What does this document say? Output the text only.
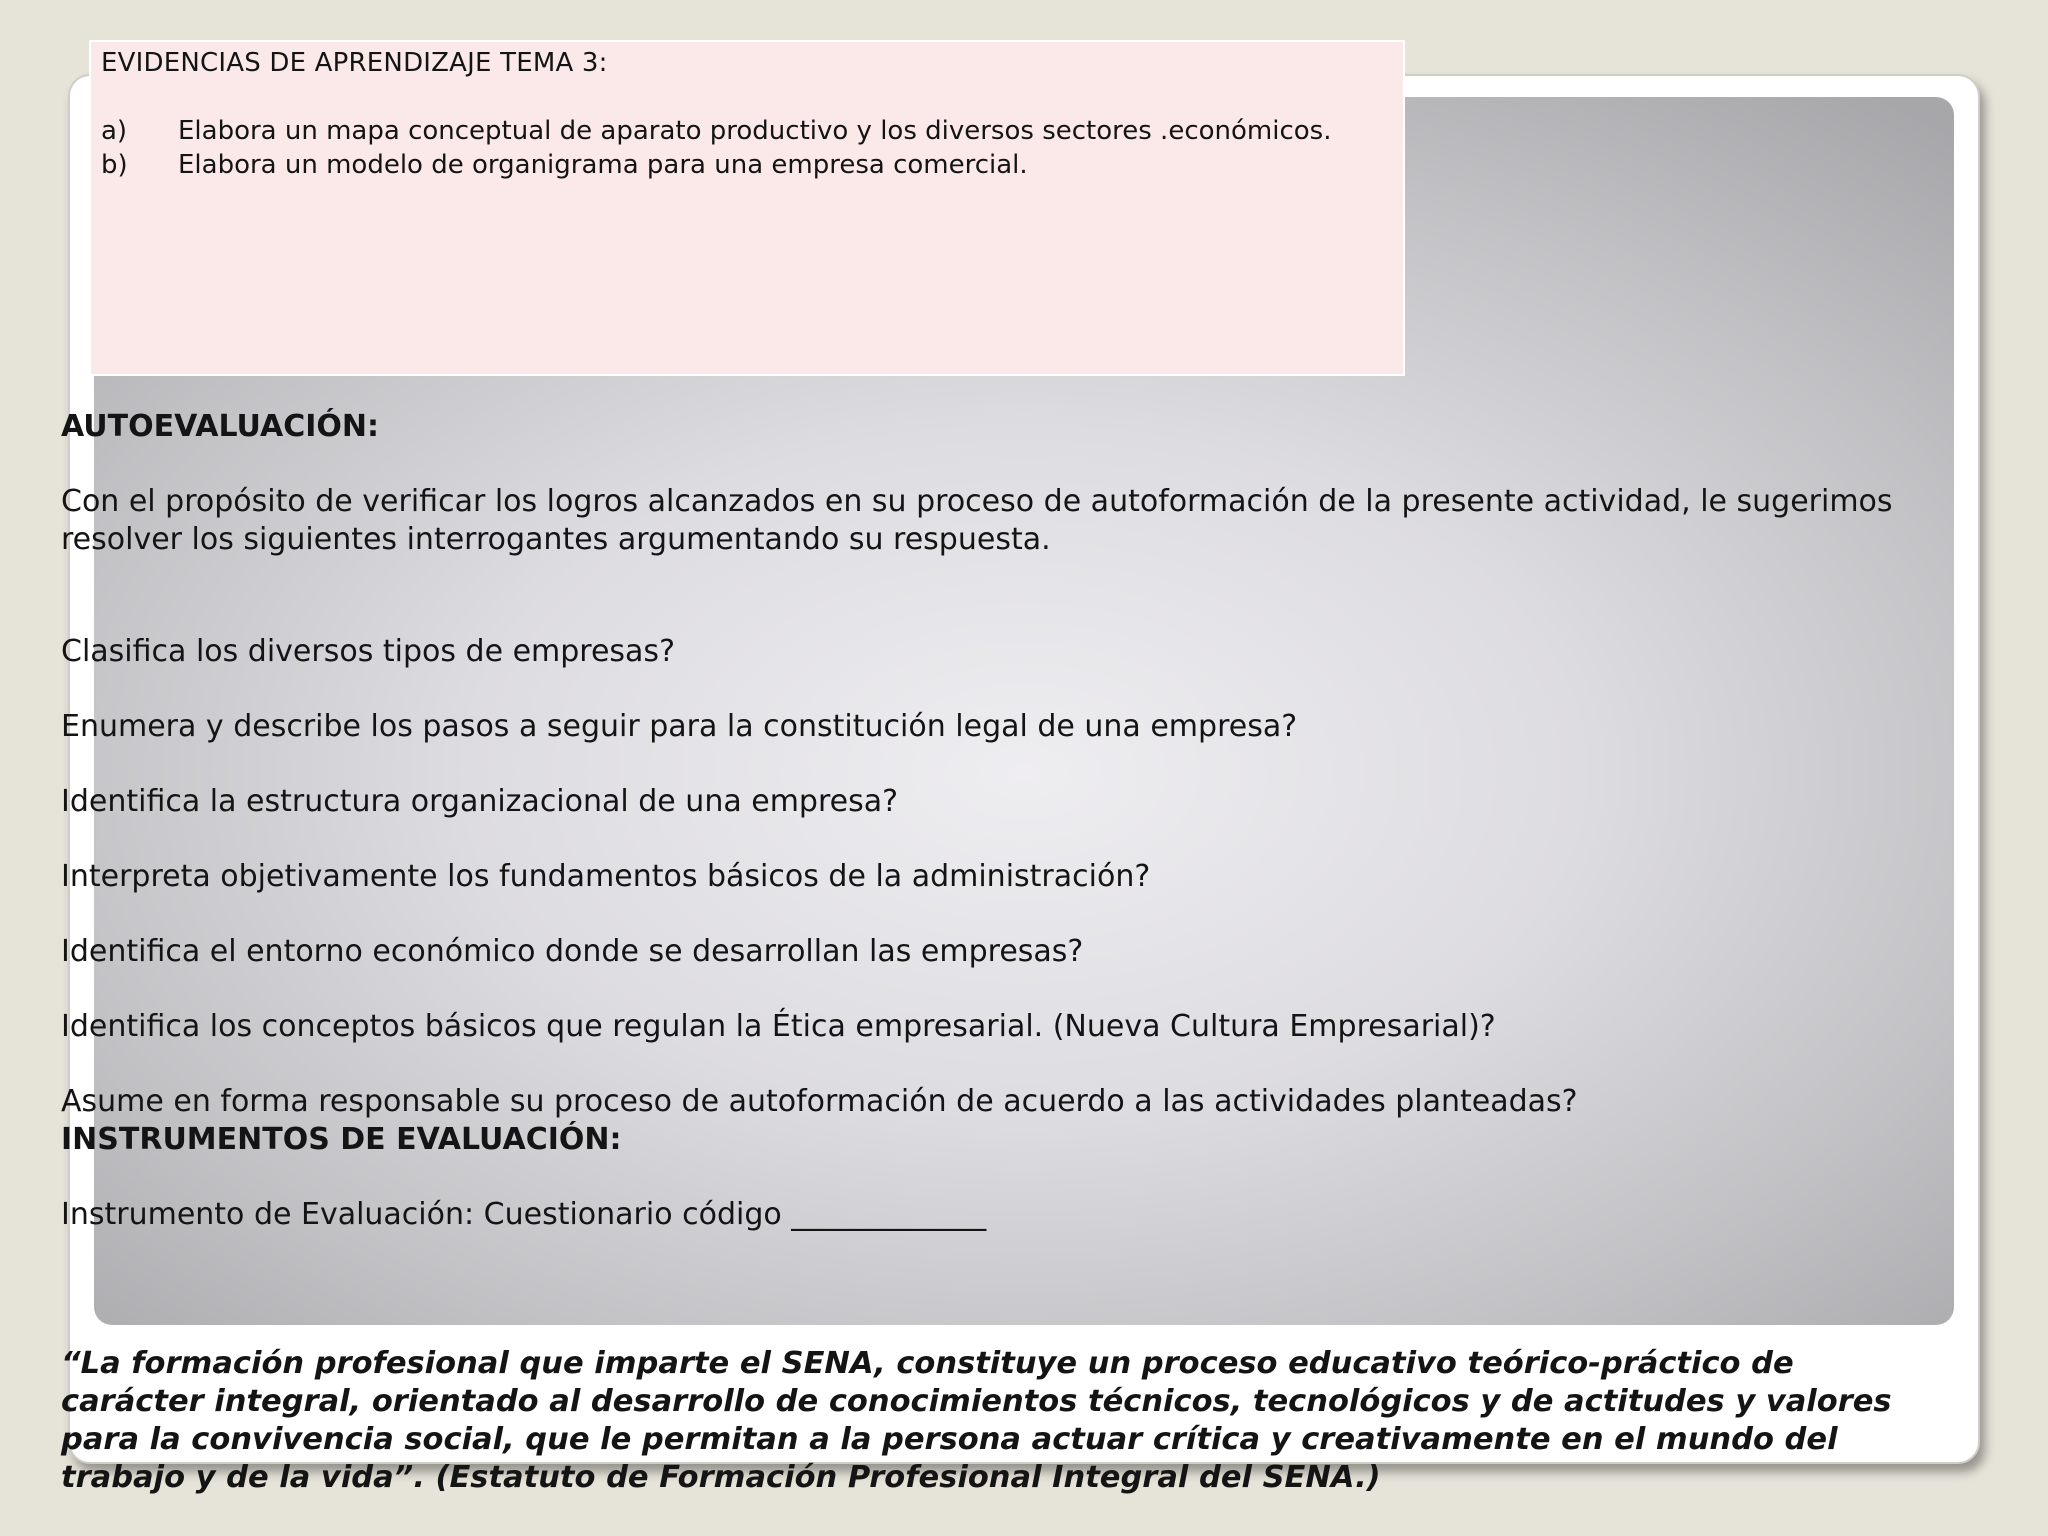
EVIDENCIAS DE APRENDIZAJE TEMA 3:
a)	Elabora un mapa conceptual de aparato productivo y los diversos sectores .económicos.
b)	Elabora un modelo de organigrama para una empresa comercial.

AUTOEVALUACIÓN:

Con el propósito de verificar los logros alcanzados en su proceso de autoformación de la presente actividad, le sugerimos resolver los siguientes interrogantes argumentando su respuesta.

Clasifica los diversos tipos de empresas?

Enumera y describe los pasos a seguir para la constitución legal de una empresa?

Identifica la estructura organizacional de una empresa?

Interpreta objetivamente los fundamentos básicos de la administración?

Identifica el entorno económico donde se desarrollan las empresas?

Identifica los conceptos básicos que regulan la Ética empresarial. (Nueva Cultura Empresarial)?

Asume en forma responsable su proceso de autoformación de acuerdo a las actividades planteadas?

INSTRUMENTOS DE EVALUACIÓN:

Instrumento de Evaluación: Cuestionario código _____________

“La formación profesional que imparte el SENA, constituye un proceso educativo teórico-práctico de carácter integral, orientado al desarrollo de conocimientos técnicos, tecnológicos y de actitudes y valores para la convivencia social, que le permitan a la persona actuar crítica y creativamente en el mundo del trabajo y de la vida”. (Estatuto de Formación Profesional Integral del SENA.)
